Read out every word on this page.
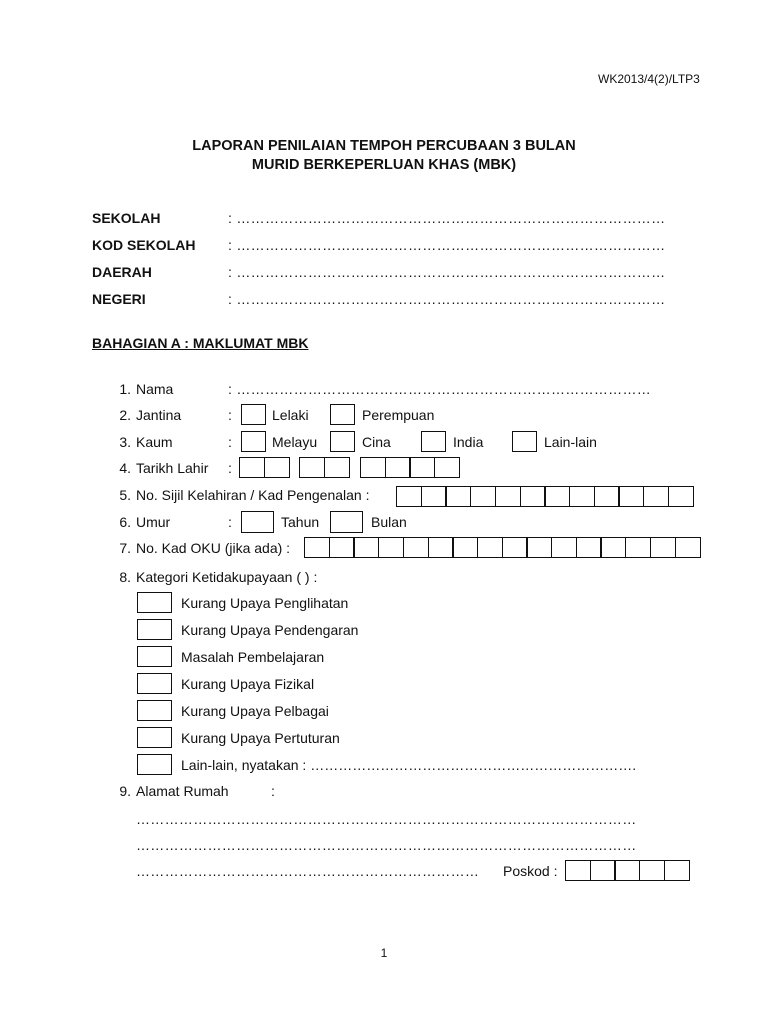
WK2013/4(2)/LTP3
LAPORAN PENILAIAN TEMPOH PERCUBAAN 3 BULAN
MURID BERKEPERLUAN KHAS (MBK)
SEKOLAH	: ………………………………………………………………………………
KOD SEKOLAH : ………………………………………………………………………………
DAERAH	: ………………………………………………………………………………
NEGERI	: ………………………………………………………………………………
BAHAGIAN A : MAKLUMAT MBK
1. Nama	: ……………………………………………………………………………
2. Jantina	:	Lelaki	Perempuan
3. Kaum	:	Melayu	Cina	India	Lain-lain
4. Tarikh Lahir :
5. No. Sijil Kelahiran / Kad Pengenalan :
6. Umur	:	Tahun	Bulan
7. No. Kad OKU (jika ada) :
8. Kategori Ketidakupayaan ( ) :
Kurang Upaya Penglihatan
Kurang Upaya Pendengaran
Masalah Pembelajaran
Kurang Upaya Fizikal
Kurang Upaya Pelbagai
Kurang Upaya Pertuturan
Lain-lain, nyatakan : …………………………………………………………….
9. Alamat Rumah	:
……………………………………………………………………………………………
……………………………………………………………………………………………
……………………………………………………………… Poskod :
1
